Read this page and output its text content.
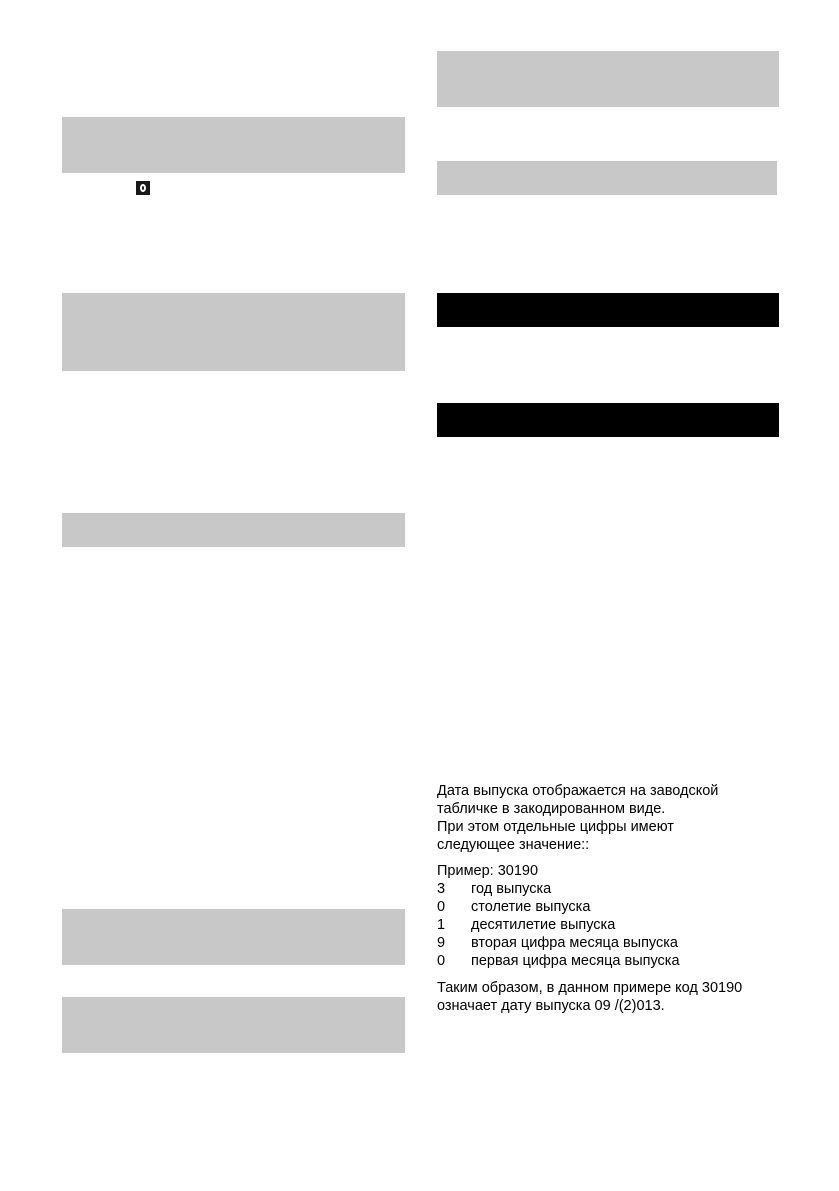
Дата выпуска отображается на заводской

табличке в закодированном виде.

При этом отдельные цифры имеют

следующее значение::

Пример: 30190

3	год выпуска
0	столетие выпуска
1	десятилетие выпуска
9	вторая цифра месяца выпуска
0	первая цифра месяца выпуска

Таким образом, в данном примере код 30190

означает дату выпуска 09 /(2)013.
